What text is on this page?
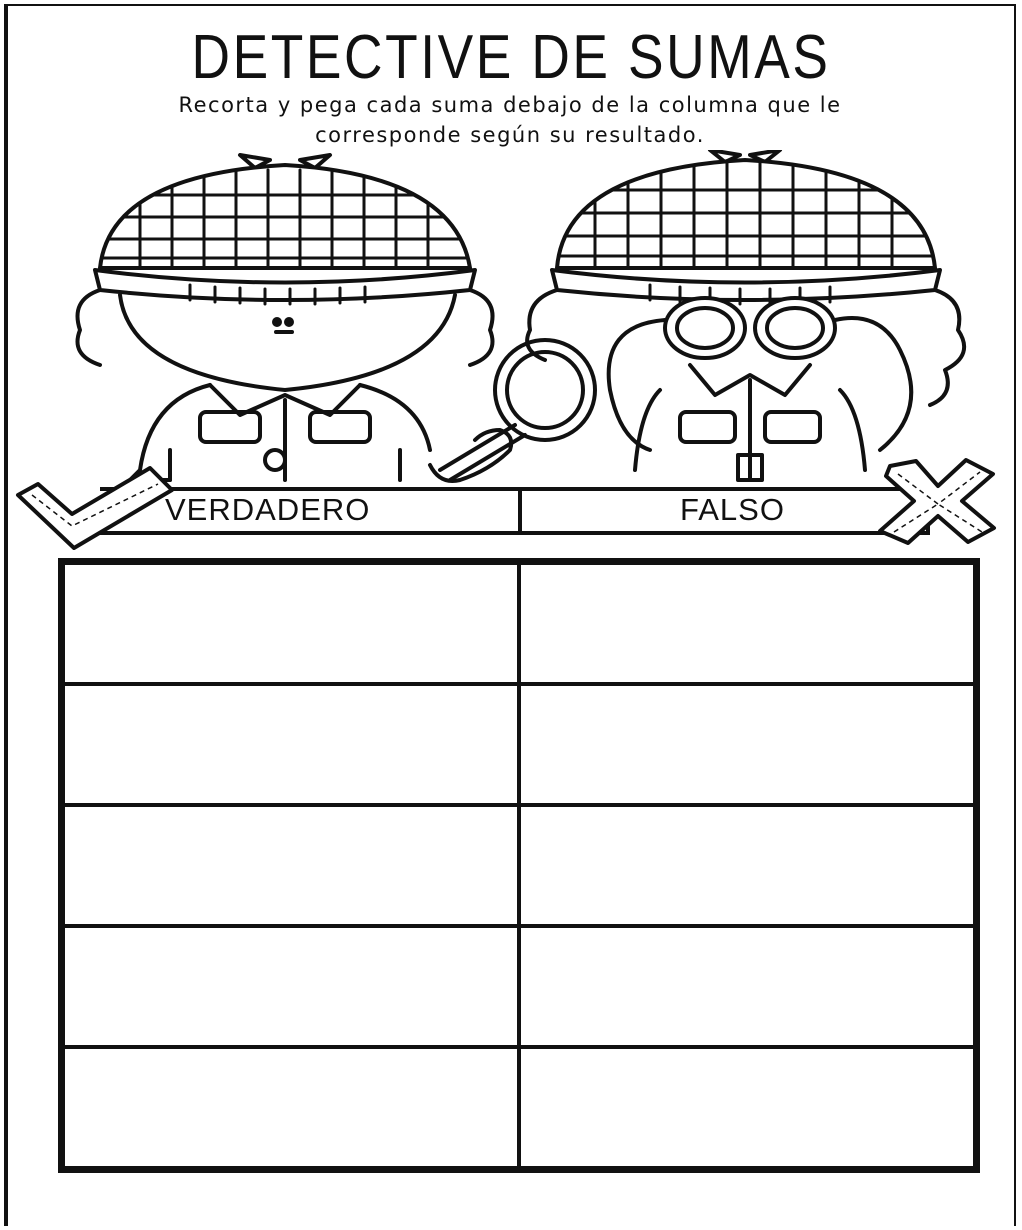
DETECTIVE DE SUMAS
Recorta y pega cada suma debajo de la columna que le
corresponde según su resultado.
VERDADERO	FALSO
